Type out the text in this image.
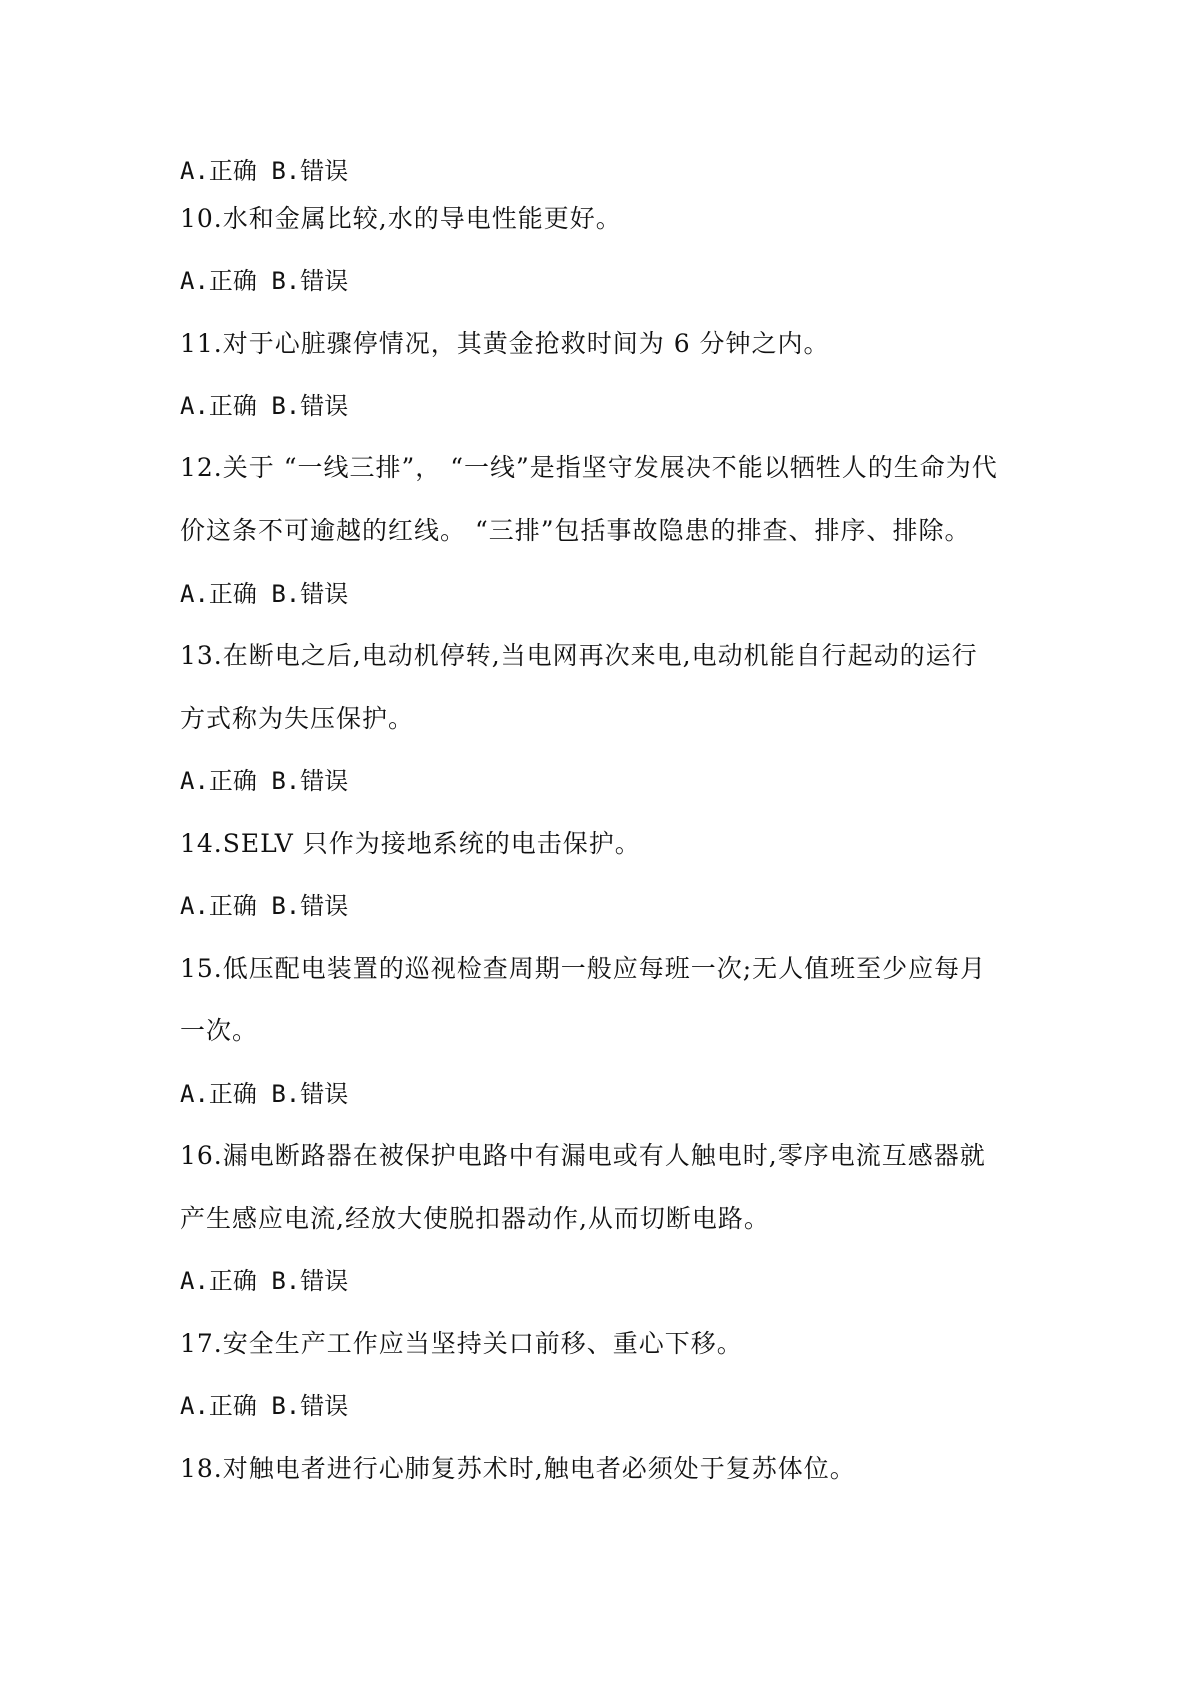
A.正确 B.错误
10.水和金属比较,水的导电性能更好。
A.正确 B.错误
11.对于心脏骤停情况，其黄金抢救时间为 6 分钟之内。
A.正确 B.错误
12.关于 “一线三排”， “一线”是指坚守发展决不能以牺牲人的生命为代
价这条不可逾越的红线。 “三排”包括事故隐患的排查、排序、排除。
A.正确 B.错误
13.在断电之后,电动机停转,当电网再次来电,电动机能自行起动的运行
方式称为失压保护。
A.正确 B.错误
14.SELV 只作为接地系统的电击保护。
A.正确 B.错误
15.低压配电装置的巡视检查周期一般应每班一次;无人值班至少应每月
一次。
A.正确 B.错误
16.漏电断路器在被保护电路中有漏电或有人触电时,零序电流互感器就
产生感应电流,经放大使脱扣器动作,从而切断电路。
A.正确 B.错误
17.安全生产工作应当坚持关口前移、重心下移。
A.正确 B.错误
18.对触电者进行心肺复苏术时,触电者必须处于复苏体位。
